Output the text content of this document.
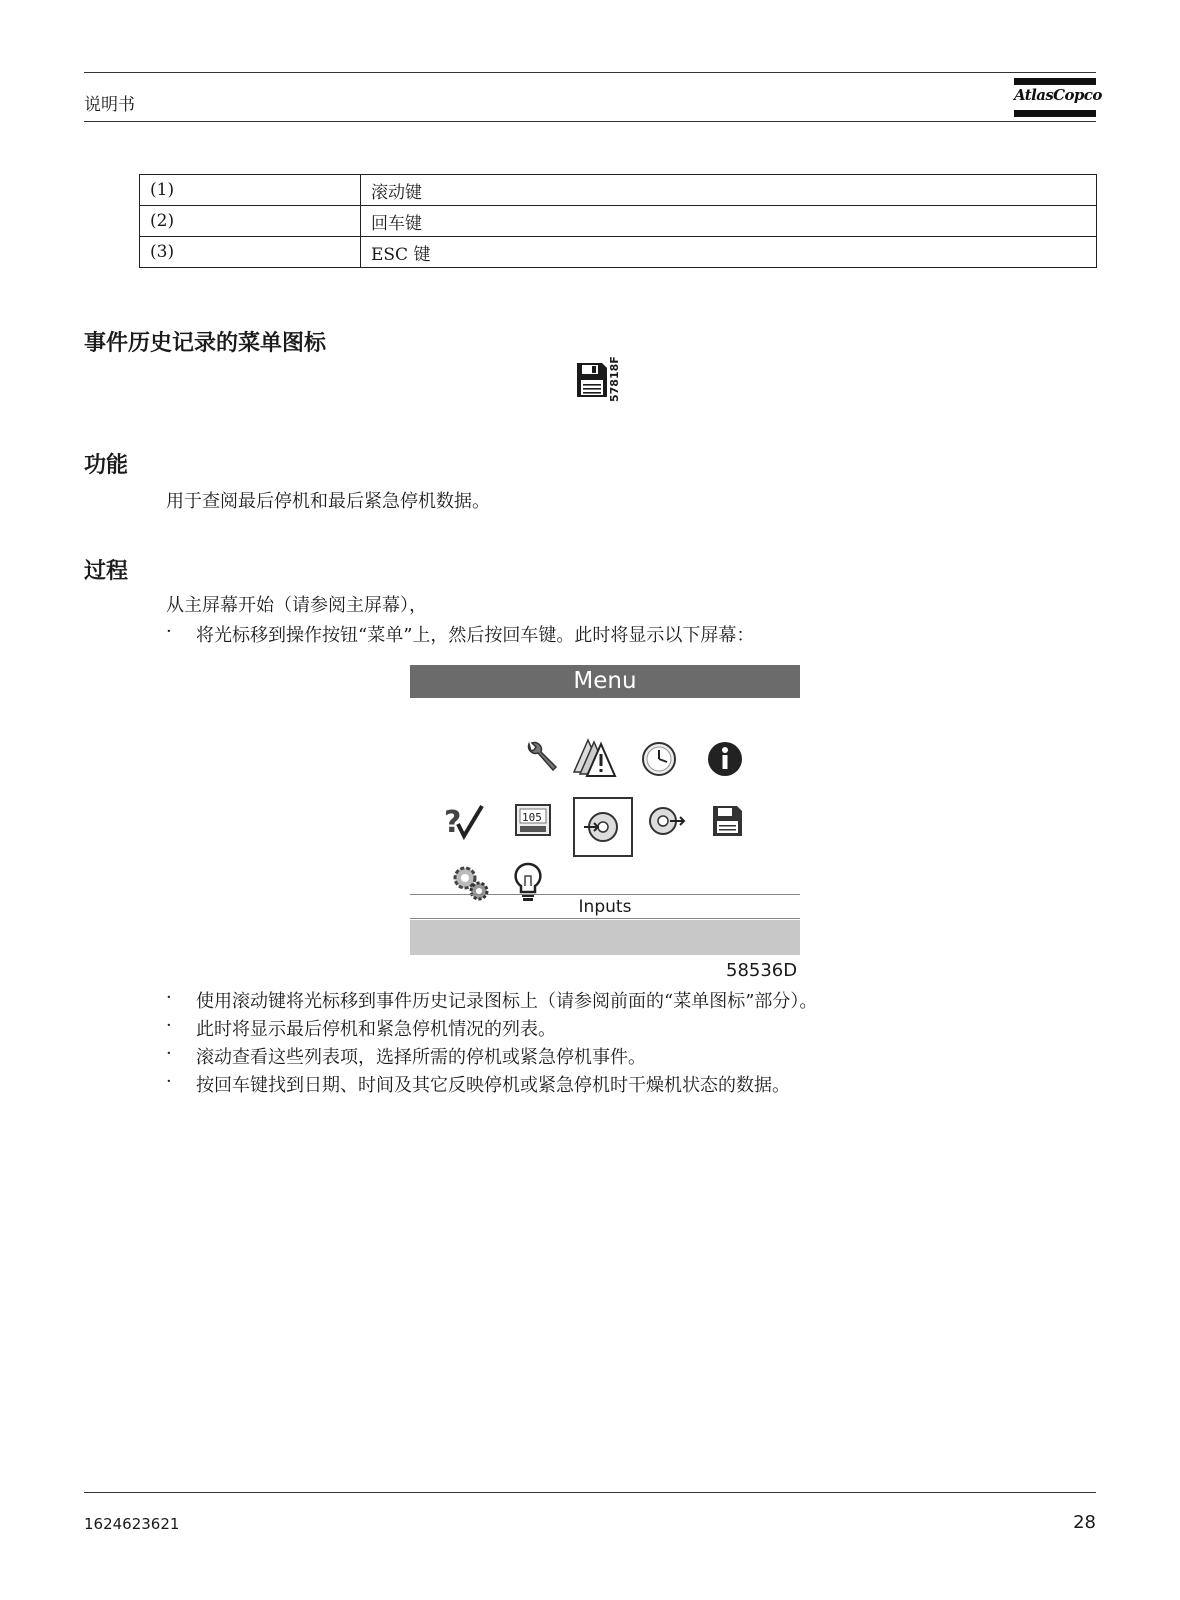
说明书	AtlasCopco
(1)	滚动键
(2)	回车键
(3)	ESC 键
事件历史记录的菜单图标
57818F
功能

用于查阅最后停机和最后紧急停机数据。

过程

从主屏幕开始（请参阅主屏幕），

· 将光标移到操作按钮“菜单”上，然后按回车键。此时将显示以下屏幕：
Menu
?	105
Inputs
58536D
· 使用滚动键将光标移到事件历史记录图标上（请参阅前面的“菜单图标”部分）。
· 此时将显示最后停机和紧急停机情况的列表。
· 滚动查看这些列表项，选择所需的停机或紧急停机事件。
· 按回车键找到日期、时间及其它反映停机或紧急停机时干燥机状态的数据。
1624623621	28
